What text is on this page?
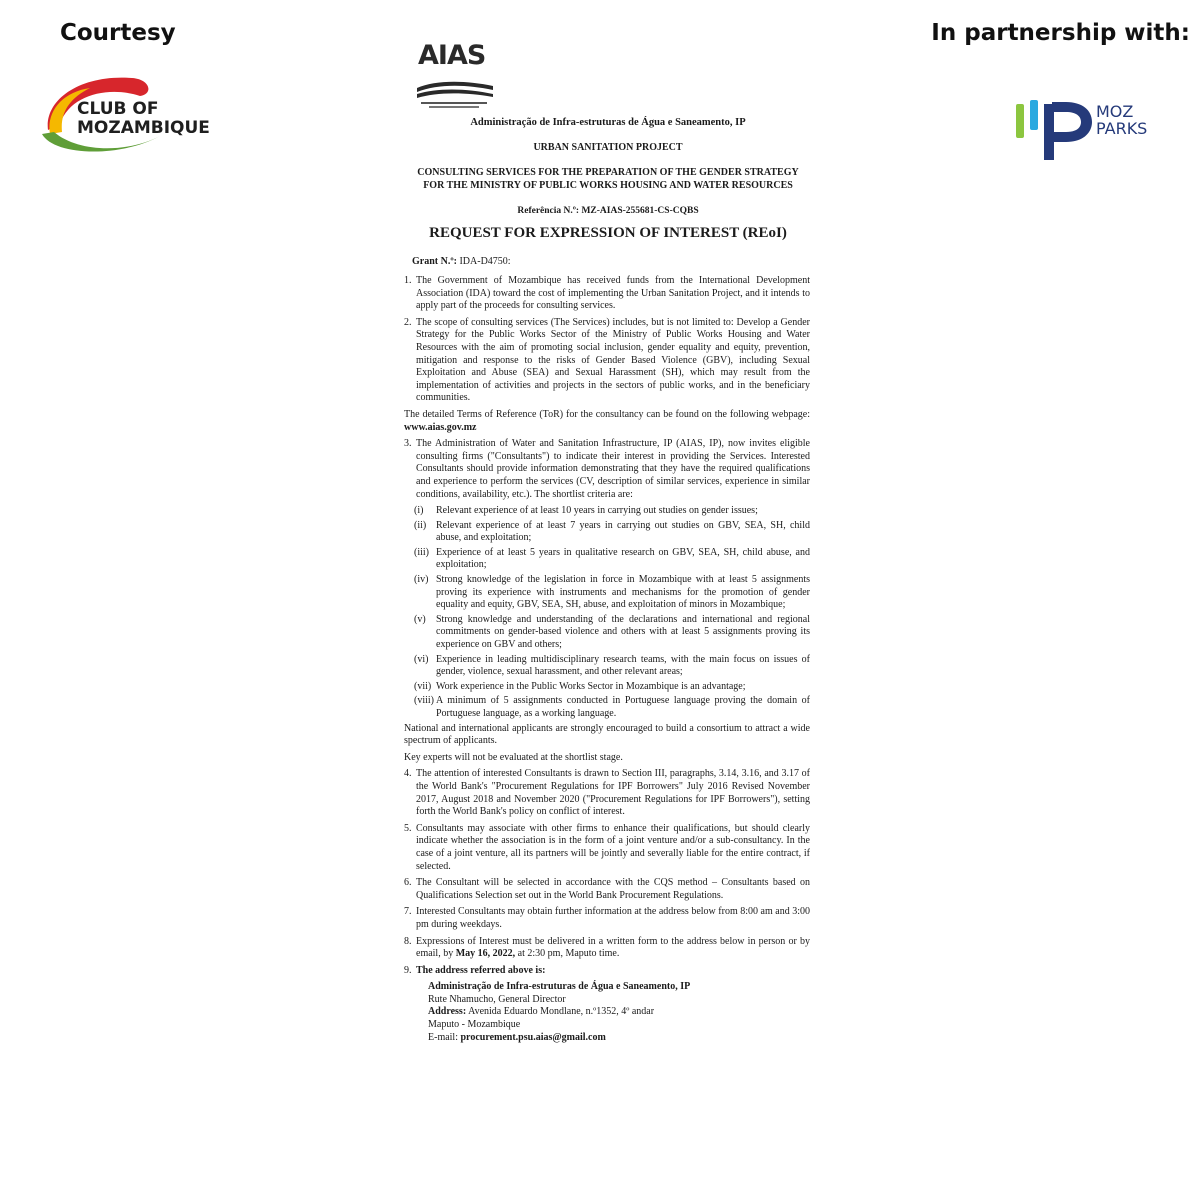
Courtesy	In partnership with:
CLUB OF
MOZAMBIQUE
MOZ
PARKS
AIAS
Administração de Infra-estruturas de Água e Saneamento, IP
URBAN SANITATION PROJECT
CONSULTING SERVICES FOR THE PREPARATION OF THE GENDER STRATEGY
FOR THE MINISTRY OF PUBLIC WORKS HOUSING AND WATER RESOURCES
Referência N.º: MZ-AIAS-255681-CS-CQBS
REQUEST FOR EXPRESSION OF INTEREST (REoI)
Grant N.º: IDA-D4750:
1. The Government of Mozambique has received funds from the International Development Association (IDA) toward the cost of implementing the Urban Sanitation Project, and it intends to apply part of the proceeds for consulting services.
2. The scope of consulting services (The Services) includes, but is not limited to: Develop a Gender Strategy for the Public Works Sector of the Ministry of Public Works Housing and Water Resources with the aim of promoting social inclusion, gender equality and equity, prevention, mitigation and response to the risks of Gender Based Violence (GBV), including Sexual Exploitation and Abuse (SEA) and Sexual Harassment (SH), which may result from the implementation of activities and projects in the sectors of public works, and in the beneficiary communities.

The detailed Terms of Reference (ToR) for the consultancy can be found on the following webpage: www.aias.gov.mz

3. The Administration of Water and Sanitation Infrastructure, IP (AIAS, IP), now invites eligible consulting firms ("Consultants") to indicate their interest in providing the Services. Interested Consultants should provide information demonstrating that they have the required qualifications and experience to perform the services (CV, description of similar services, experience in similar conditions, availability, etc.). The shortlist criteria are:
(i)	Relevant experience of at least 10 years in carrying out studies on gender issues;
(ii) Relevant experience of at least 7 years in carrying out studies on GBV, SEA, SH, child abuse, and exploitation;
(iii) Experience of at least 5 years in qualitative research on GBV, SEA, SH, child abuse, and exploitation;
(iv) Strong knowledge of the legislation in force in Mozambique with at least 5 assignments proving its experience with instruments and mechanisms for the promotion of gender equality and equity, GBV, SEA, SH, abuse, and exploitation of minors in Mozambique;
(v)	Strong knowledge and understanding of the declarations and international and regional commitments on gender-based violence and others with at least 5 assignments proving its experience on GBV and others;
(vi) Experience in leading multidisciplinary research teams, with the main focus on issues of gender, violence, sexual harassment, and other relevant areas;
(vii) Work experience in the Public Works Sector in Mozambique is an advantage;
(viii) A minimum of 5 assignments conducted in Portuguese language proving the domain of Portuguese language, as a working language.

National and international applicants are strongly encouraged to build a consortium to attract a wide spectrum of applicants.

Key experts will not be evaluated at the shortlist stage.

4. The attention of interested Consultants is drawn to Section III, paragraphs, 3.14, 3.16, and 3.17 of the World Bank's "Procurement Regulations for IPF Borrowers" July 2016 Revised November 2017, August 2018 and November 2020 ("Procurement Regulations for IPF Borrowers"), setting forth the World Bank's policy on conflict of interest.
5. Consultants may associate with other firms to enhance their qualifications, but should clearly indicate whether the association is in the form of a joint venture and/or a sub-consultancy. In the case of a joint venture, all its partners will be jointly and severally liable for the entire contract, if selected.
6. The Consultant will be selected in accordance with the CQS method – Consultants based on Qualifications Selection set out in the World Bank Procurement Regulations.
7. Interested Consultants may obtain further information at the address below from 8:00 am and 3:00 pm during weekdays.
8. Expressions of Interest must be delivered in a written form to the address below in person or by email, by May 16, 2022, at 2:30 pm, Maputo time.
9. The address referred above is:
Administração de Infra-estruturas de Água e Saneamento, IP
Rute Nhamucho, General Director
Address: Avenida Eduardo Mondlane, n.º1352, 4º andar
Maputo - Mozambique
E-mail: procurement.psu.aias@gmail.com
